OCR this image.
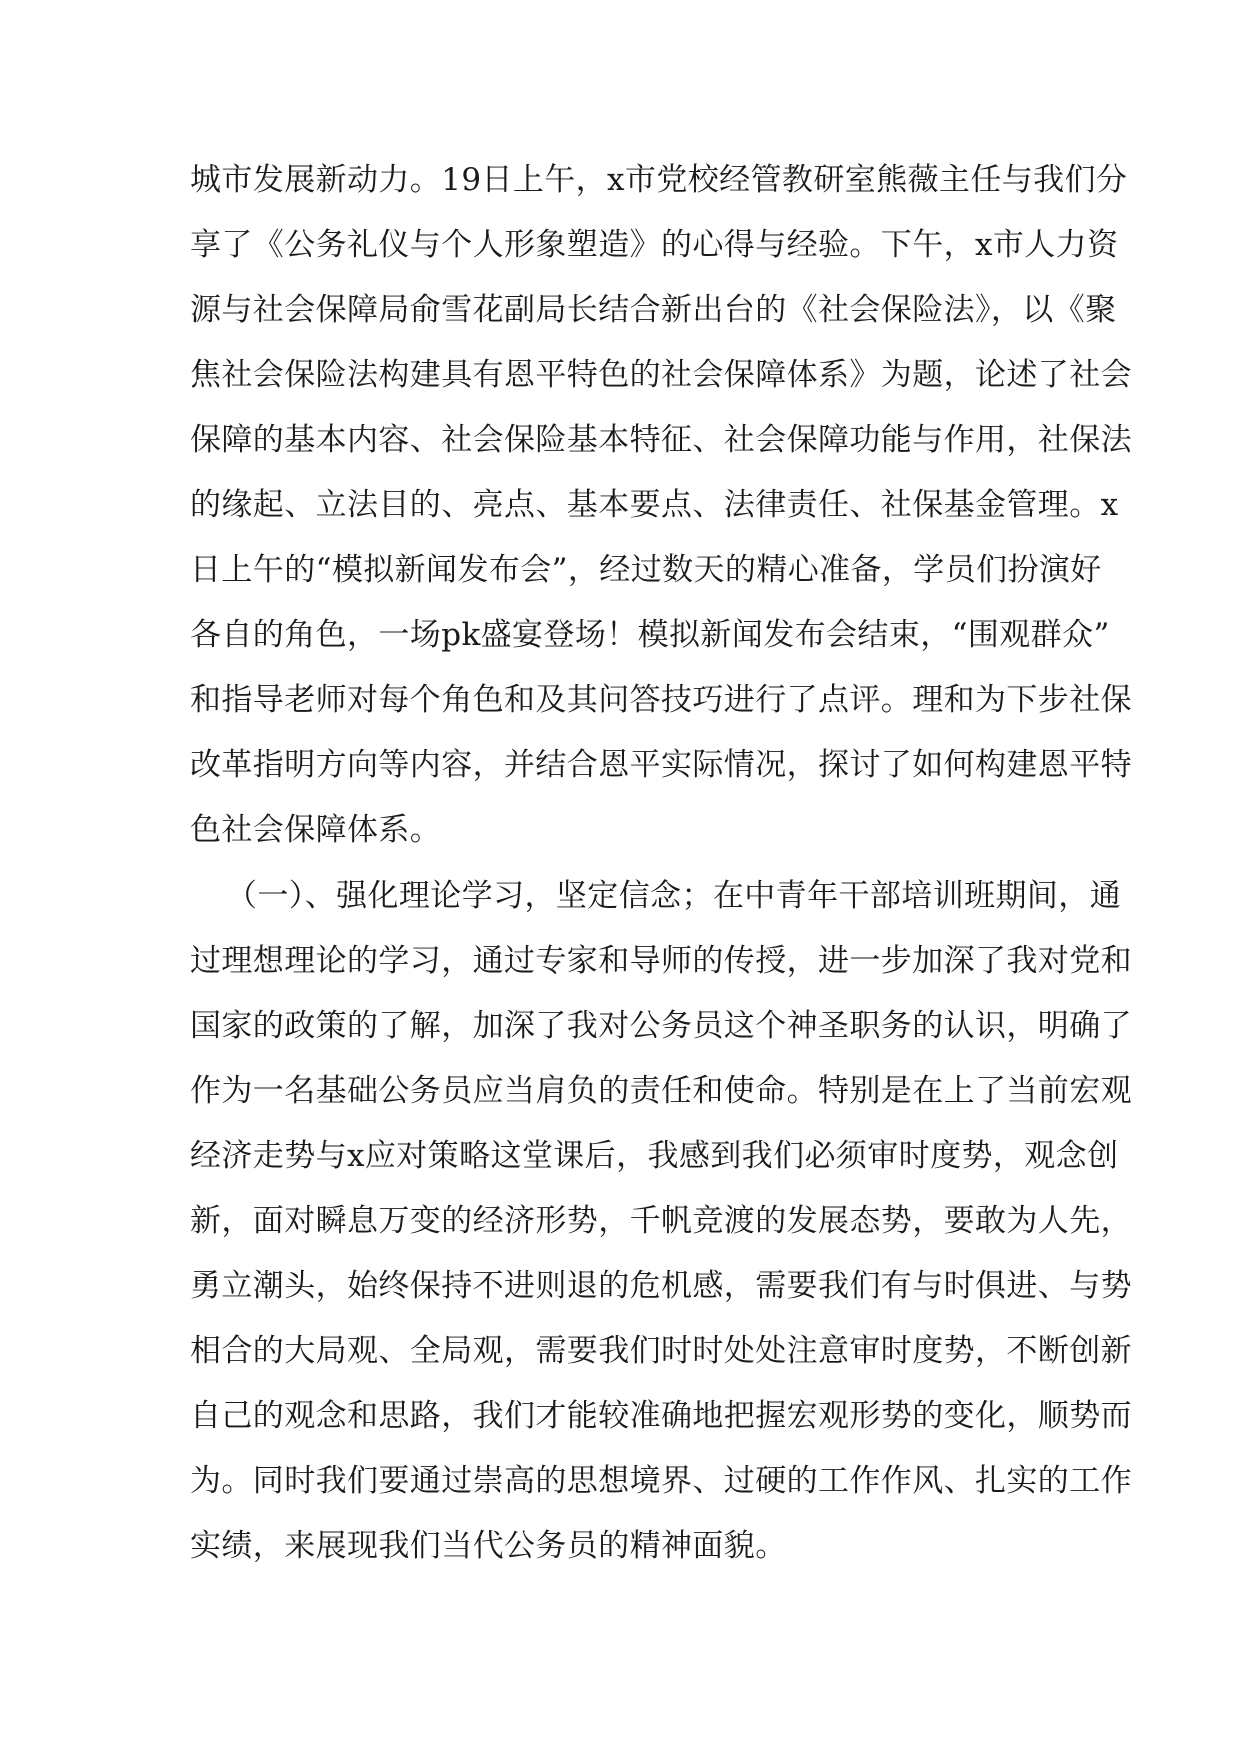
城市发展新动力。19日上午，x市党校经管教研室熊薇主任与我们分
享了《公务礼仪与个人形象塑造》的心得与经验。下午，x市人力资
源与社会保障局俞雪花副局长结合新出台的《社会保险法》，以《聚
焦社会保险法构建具有恩平特色的社会保障体系》为题，论述了社会
保障的基本内容、社会保险基本特征、社会保障功能与作用，社保法
的缘起、立法目的、亮点、基本要点、法律责任、社保基金管理。x
日上午的“模拟新闻发布会”，经过数天的精心准备，学员们扮演好
各自的角色，一场pk盛宴登场！模拟新闻发布会结束，“围观群众”
和指导老师对每个角色和及其问答技巧进行了点评。理和为下步社保
改革指明方向等内容，并结合恩平实际情况，探讨了如何构建恩平特
色社会保障体系。
（一）、强化理论学习，坚定信念；在中青年干部培训班期间，通
过理想理论的学习，通过专家和导师的传授，进一步加深了我对党和
国家的政策的了解，加深了我对公务员这个神圣职务的认识，明确了
作为一名基础公务员应当肩负的责任和使命。特别是在上了当前宏观
经济走势与x应对策略这堂课后，我感到我们必须审时度势，观念创
新，面对瞬息万变的经济形势，千帆竞渡的发展态势，要敢为人先，
勇立潮头，始终保持不进则退的危机感，需要我们有与时俱进、与势
相合的大局观、全局观，需要我们时时处处注意审时度势，不断创新
自己的观念和思路，我们才能较准确地把握宏观形势的变化，顺势而
为。同时我们要通过崇高的思想境界、过硬的工作作风、扎实的工作
实绩，来展现我们当代公务员的精神面貌。
